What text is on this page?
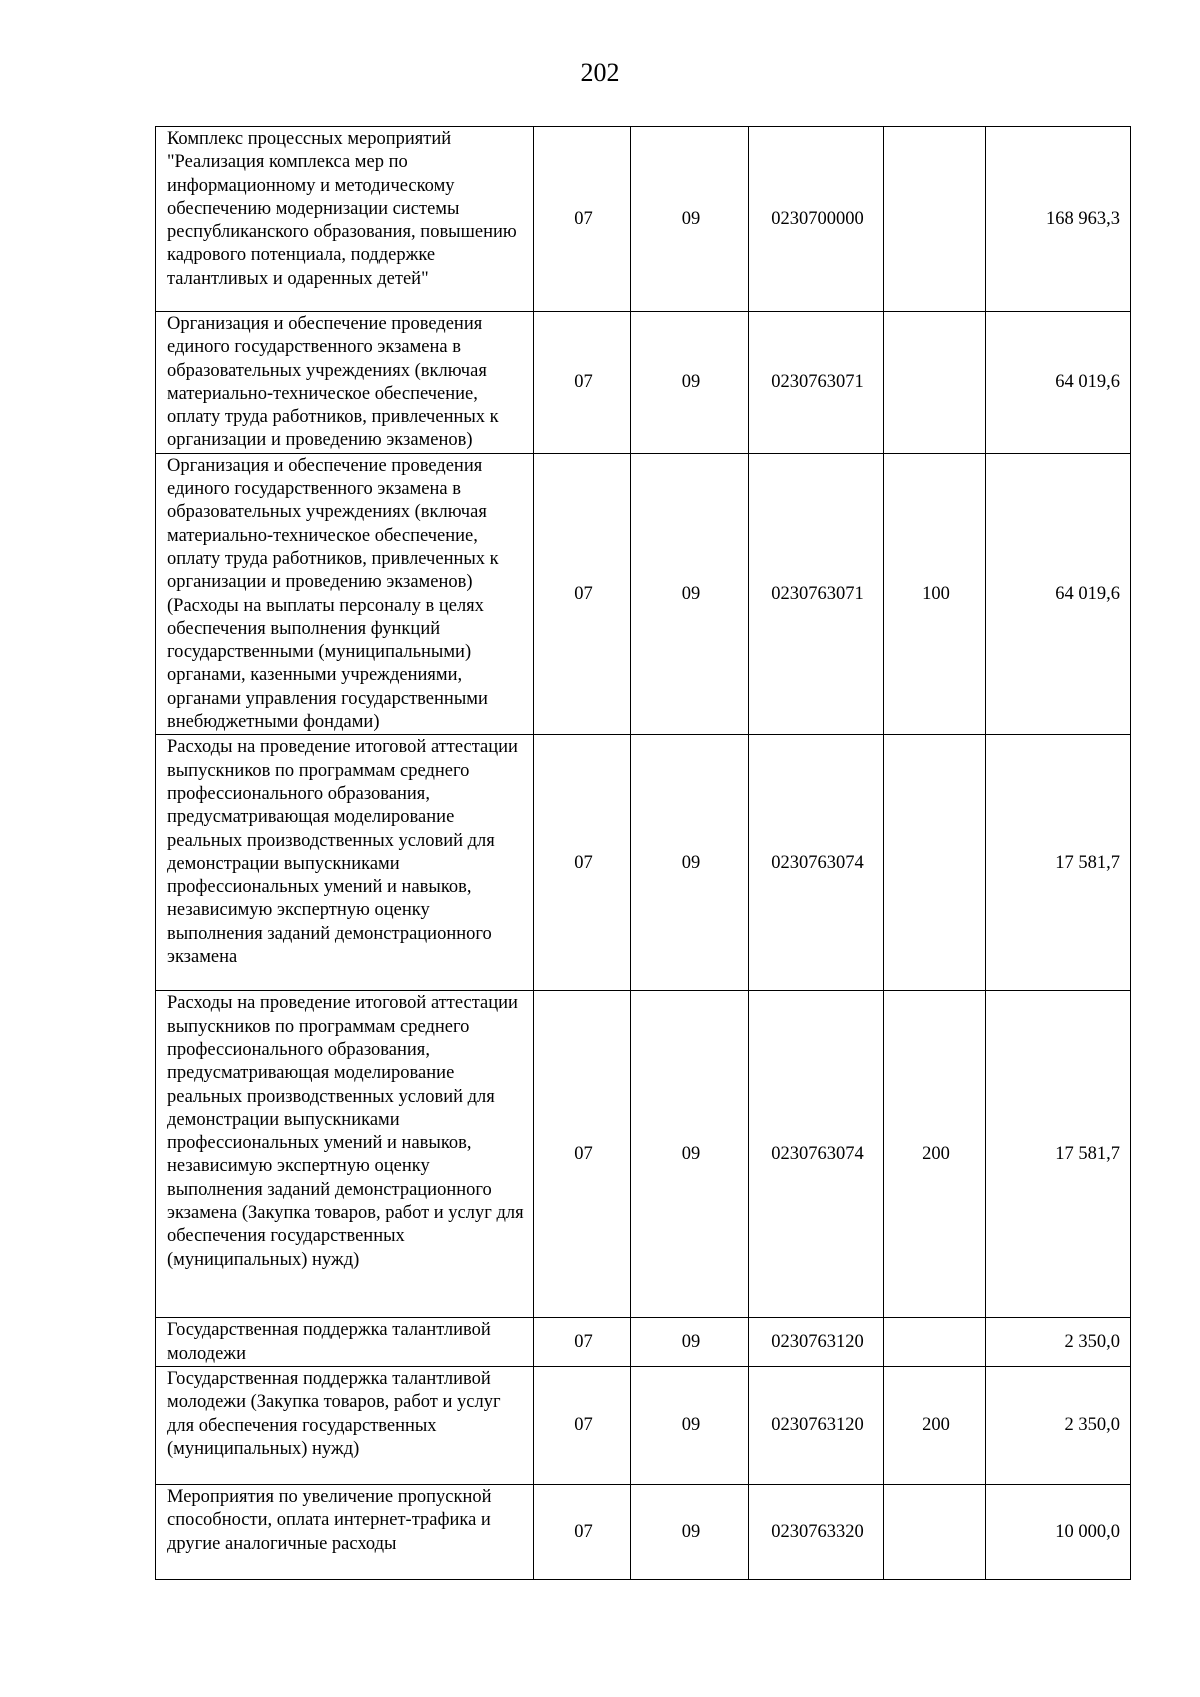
202
Комплекс процессных мероприятий "Реализация комплекса мер по информационному и методическому обеспечению модернизации системы республиканского образования, повышению кадрового потенциала, поддержке талантливых и одаренных детей"	07	09	0230700000		168 963,3
Организация и обеспечение проведения единого государственного экзамена в образовательных учреждениях (включая материально-техническое обеспечение, оплату труда работников, привлеченных к организации и проведению экзаменов)	07	09	0230763071		64 019,6
Организация и обеспечение проведения единого государственного экзамена в образовательных учреждениях (включая материально-техническое обеспечение, оплату труда работников, привлеченных к организации и проведению экзаменов) (Расходы на выплаты персоналу в целях обеспечения выполнения функций государственными (муниципальными) органами, казенными учреждениями, органами управления государственными внебюджетными фондами)	07	09	0230763071	100	64 019,6
Расходы на проведение итоговой аттестации выпускников по программам среднего профессионального образования, предусматривающая моделирование реальных производственных условий для демонстрации выпускниками профессиональных умений и навыков, независимую экспертную оценку выполнения заданий демонстрационного экзамена	07	09	0230763074		17 581,7
Расходы на проведение итоговой аттестации выпускников по программам среднего профессионального образования, предусматривающая моделирование реальных производственных условий для демонстрации выпускниками профессиональных умений и навыков, независимую экспертную оценку выполнения заданий демонстрационного экзамена (Закупка товаров, работ и услуг для обеспечения государственных (муниципальных) нужд)	07	09	0230763074	200	17 581,7
Государственная поддержка талантливой молодежи	07	09	0230763120		2 350,0
Государственная поддержка талантливой молодежи (Закупка товаров, работ и услуг для обеспечения государственных (муниципальных) нужд)	07	09	0230763120	200	2 350,0
Мероприятия по увеличение пропускной способности, оплата интернет-трафика и другие аналогичные расходы	07	09	0230763320		10 000,0
